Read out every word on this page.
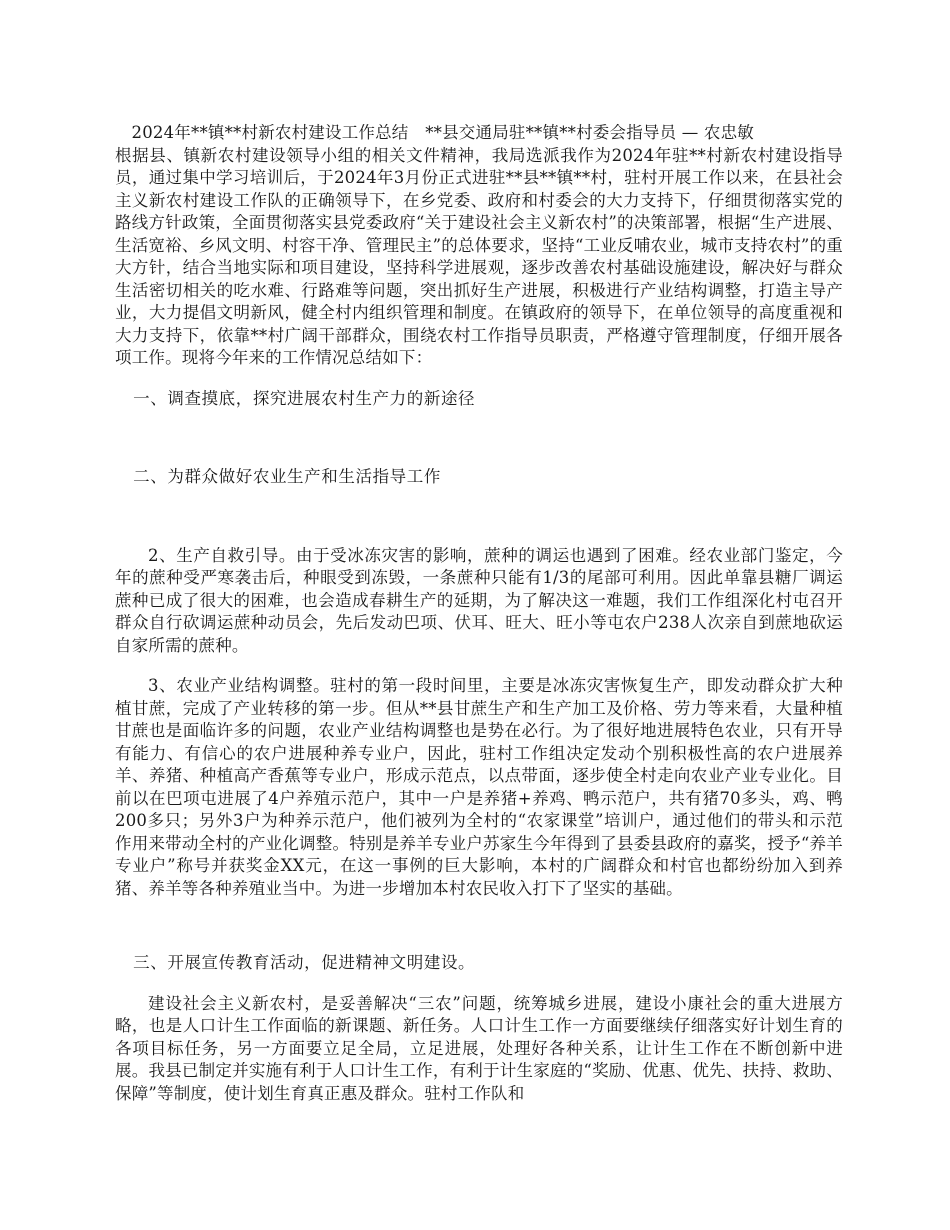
2024年**镇**村新农村建设工作总结　**县交通局驻**镇**村委会指导员 — 农忠敏

根据县、镇新农村建设领导小组的相关文件精神，我局选派我作为2024年驻**村新农村建设指导员，通过集中学习培训后，于2024年3月份正式进驻**县**镇**村，驻村开展工作以来，在县社会主义新农村建设工作队的正确领导下，在乡党委、政府和村委会的大力支持下，仔细贯彻落实党的路线方针政策，全面贯彻落实县党委政府“关于建设社会主义新农村”的决策部署，根据“生产进展、生活宽裕、乡风文明、村容干净、管理民主”的总体要求，坚持“工业反哺农业，城市支持农村”的重大方针，结合当地实际和项目建设，坚持科学进展观，逐步改善农村基础设施建设，解决好与群众生活密切相关的吃水难、行路难等问题，突出抓好生产进展，积极进行产业结构调整，打造主导产业，大力提倡文明新风，健全村内组织管理和制度。在镇政府的领导下，在单位领导的高度重视和大力支持下，依靠**村广阔干部群众，围绕农村工作指导员职责，严格遵守管理制度，仔细开展各项工作。现将今年来的工作情况总结如下：

一、调查摸底，探究进展农村生产力的新途径

二、为群众做好农业生产和生活指导工作

2、生产自救引导。由于受冰冻灾害的影响，蔗种的调运也遇到了困难。经农业部门鉴定，今年的蔗种受严寒袭击后，种眼受到冻毁，一条蔗种只能有1/3的尾部可利用。因此单靠县糖厂调运蔗种已成了很大的困难，也会造成春耕生产的延期，为了解决这一难题，我们工作组深化村屯召开群众自行砍调运蔗种动员会，先后发动巴项、伏耳、旺大、旺小等屯农户238人次亲自到蔗地砍运自家所需的蔗种。

3、农业产业结构调整。驻村的第一段时间里，主要是冰冻灾害恢复生产，即发动群众扩大种植甘蔗，完成了产业转移的第一步。但从**县甘蔗生产和生产加工及价格、劳力等来看，大量种植甘蔗也是面临许多的问题，农业产业结构调整也是势在必行。为了很好地进展特色农业，只有开导有能力、有信心的农户进展种养专业户，因此，驻村工作组决定发动个别积极性高的农户进展养羊、养猪、种植高产香蕉等专业户，形成示范点，以点带面，逐步使全村走向农业产业专业化。目前以在巴项屯进展了4户养殖示范户，其中一户是养猪+养鸡、鸭示范户，共有猪70多头，鸡、鸭200多只；另外3户为种养示范户，他们被列为全村的“农家课堂”培训户，通过他们的带头和示范作用来带动全村的产业化调整。特别是养羊专业户苏家生今年得到了县委县政府的嘉奖，授予“养羊专业户”称号并获奖金XX元，在这一事例的巨大影响，本村的广阔群众和村官也都纷纷加入到养猪、养羊等各种养殖业当中。为进一步增加本村农民收入打下了坚实的基础。

三、开展宣传教育活动，促进精神文明建设。

建设社会主义新农村，是妥善解决“三农”问题，统筹城乡进展，建设小康社会的重大进展方略，也是人口计生工作面临的新课题、新任务。人口计生工作一方面要继续仔细落实好计划生育的各项目标任务，另一方面要立足全局，立足进展，处理好各种关系，让计生工作在不断创新中进展。我县已制定并实施有利于人口计生工作，有利于计生家庭的“奖励、优惠、优先、扶持、救助、保障”等制度，使计划生育真正惠及群众。驻村工作队和
